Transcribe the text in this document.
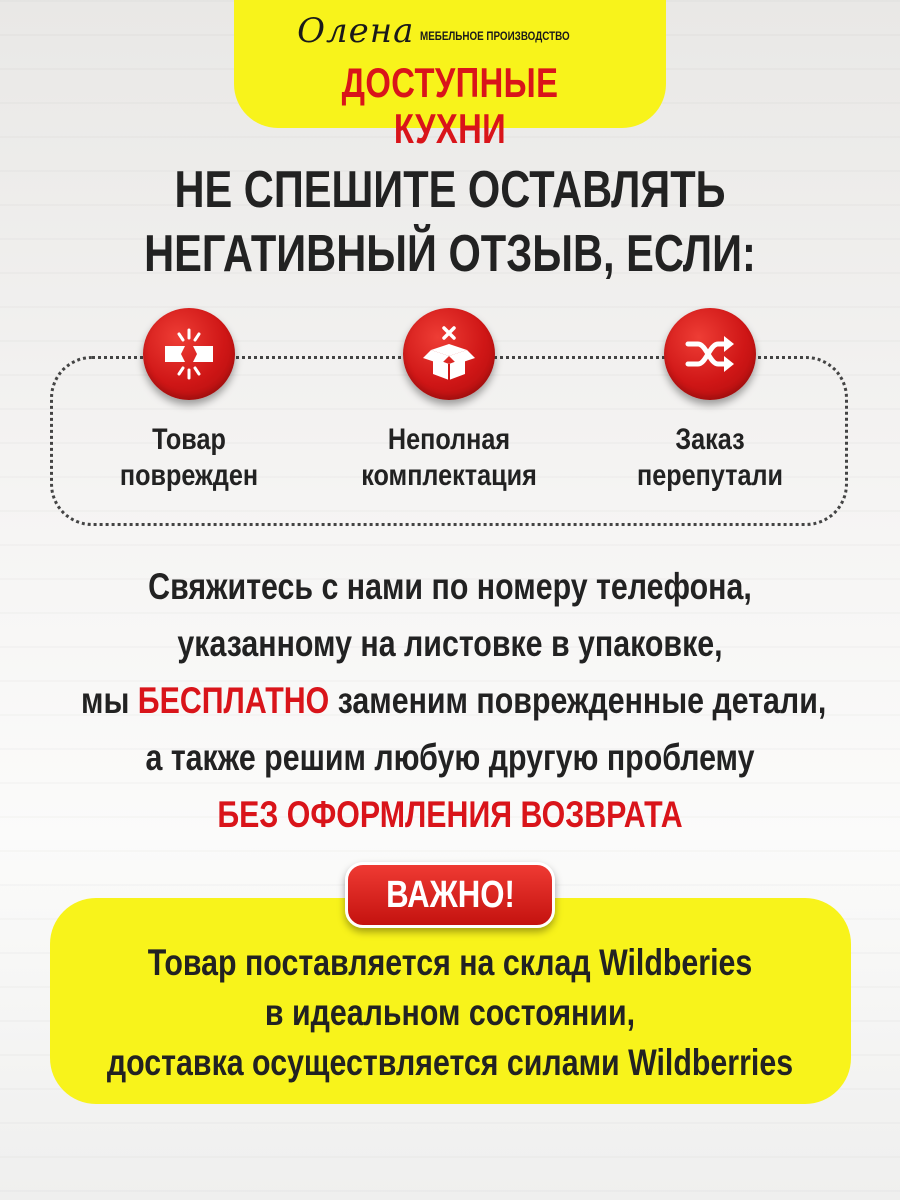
Олена МЕБЕЛЬНОЕ ПРОИЗВОДСТВО
ДОСТУПНЫЕ КУХНИ
НЕ СПЕШИТЕ ОСТАВЛЯТЬ
НЕГАТИВНЫЙ ОТЗЫВ, ЕСЛИ:
Товар
поврежден
Неполная
комплектация
Заказ
перепутали
Свяжитесь с нами по номеру телефона,
указанному на листовке в упаковке,
мы БЕСПЛАТНО заменим поврежденные детали,
а также решим любую другую проблему
БЕЗ ОФОРМЛЕНИЯ ВОЗВРАТА
ВАЖНО!
Товар поставляется на склад Wildberies
в идеальном состоянии,
доставка осуществляется силами Wildberries
